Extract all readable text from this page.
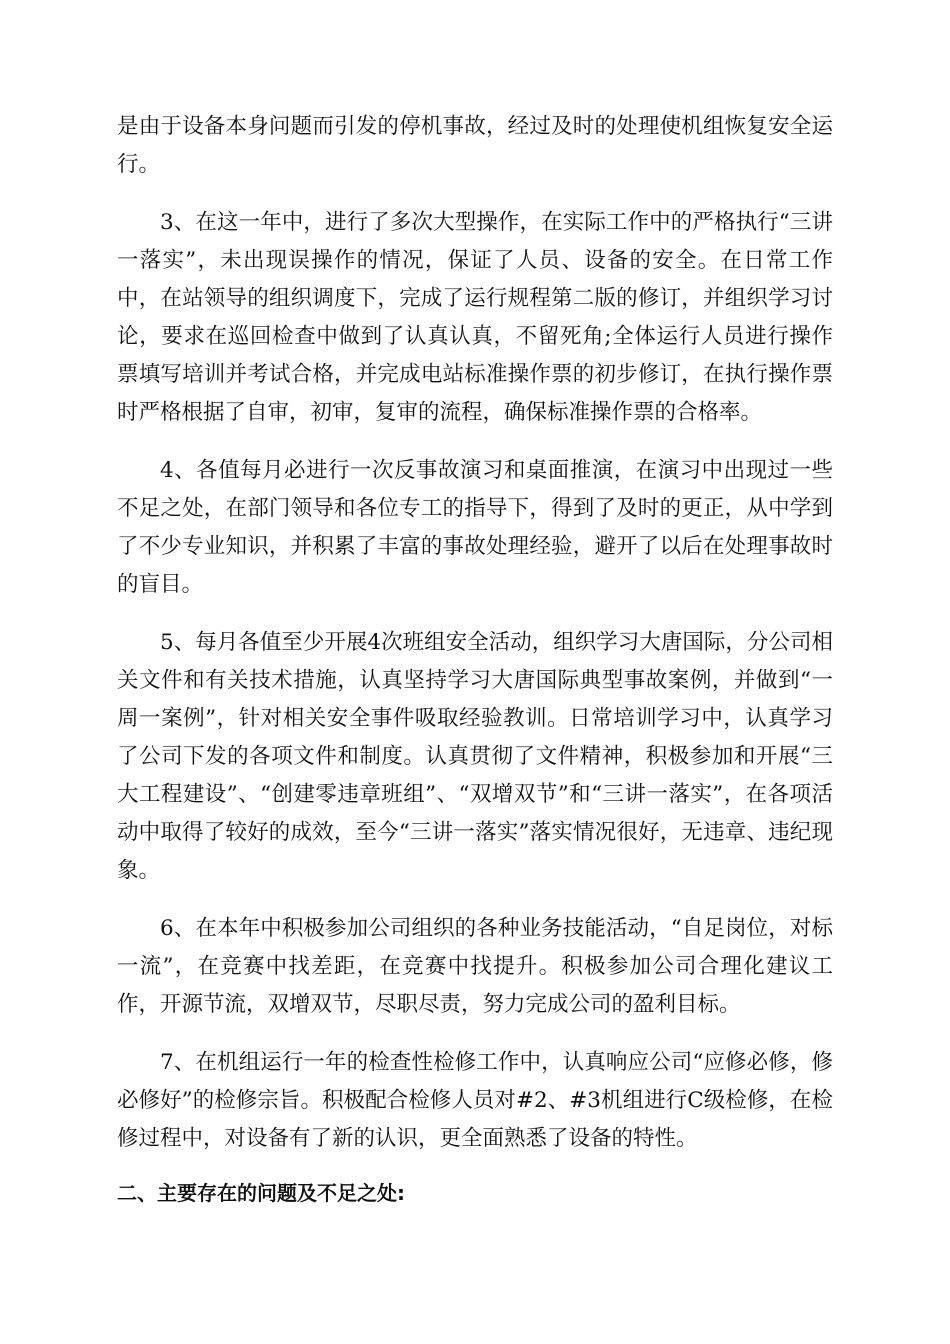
是由于设备本身问题而引发的停机事故，经过及时的处理使机组恢复安全运行。

3、在这一年中，进行了多次大型操作，在实际工作中的严格执行“三讲一落实”，未出现误操作的情况，保证了人员、设备的安全。在日常工作中，在站领导的组织调度下，完成了运行规程第二版的修订，并组织学习讨论，要求在巡回检查中做到了认真认真，不留死角;全体运行人员进行操作票填写培训并考试合格，并完成电站标准操作票的初步修订，在执行操作票时严格根据了自审，初审，复审的流程，确保标准操作票的合格率。

4、各值每月必进行一次反事故演习和桌面推演，在演习中出现过一些不足之处，在部门领导和各位专工的指导下，得到了及时的更正，从中学到了不少专业知识，并积累了丰富的事故处理经验，避开了以后在处理事故时的盲目。

5、每月各值至少开展4次班组安全活动，组织学习大唐国际，分公司相关文件和有关技术措施，认真坚持学习大唐国际典型事故案例，并做到“一周一案例”，针对相关安全事件吸取经验教训。日常培训学习中，认真学习了公司下发的各项文件和制度。认真贯彻了文件精神，积极参加和开展“三大工程建设”、“创建零违章班组”、“双增双节”和“三讲一落实”，在各项活动中取得了较好的成效，至今“三讲一落实”落实情况很好，无违章、违纪现象。

6、在本年中积极参加公司组织的各种业务技能活动，“自足岗位，对标一流”，在竞赛中找差距，在竞赛中找提升。积极参加公司合理化建议工作，开源节流，双增双节，尽职尽责，努力完成公司的盈利目标。

7、在机组运行一年的检查性检修工作中，认真响应公司“应修必修，修必修好”的检修宗旨。积极配合检修人员对#2、#3机组进行C级检修，在检修过程中，对设备有了新的认识，更全面熟悉了设备的特性。

二、主要存在的问题及不足之处:
